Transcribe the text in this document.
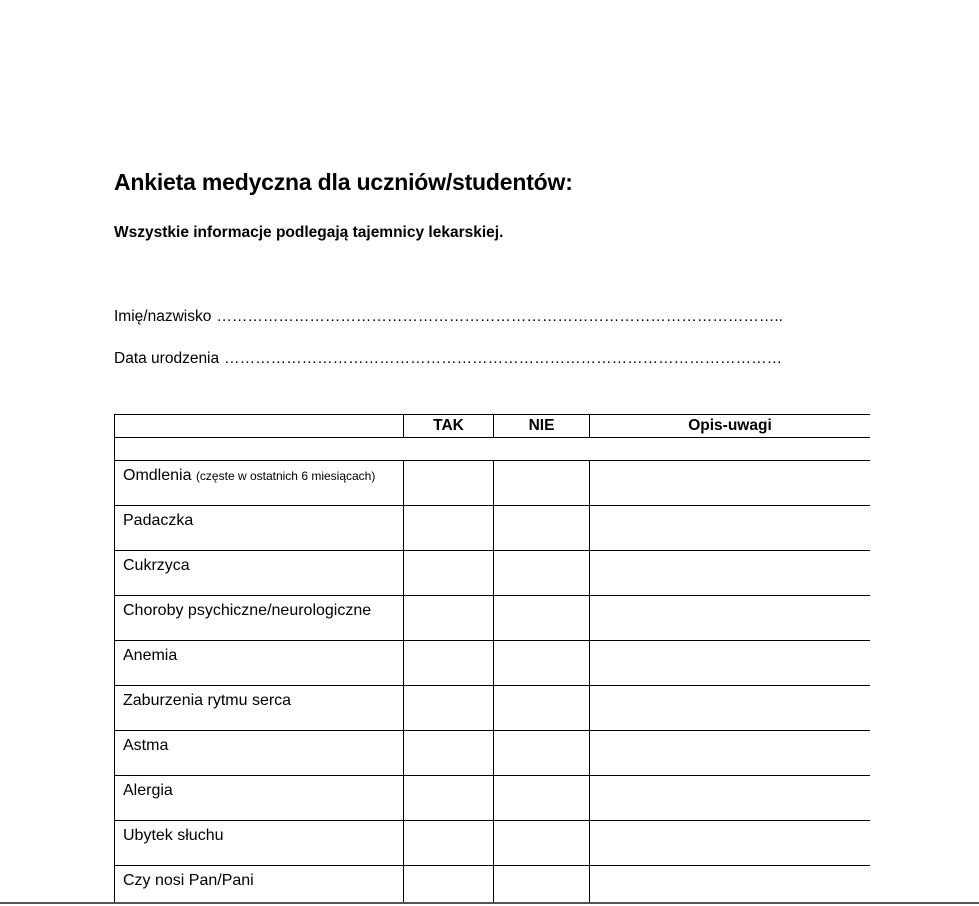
Ankieta medyczna dla uczniów/studentów:
Wszystkie informacje podlegają tajemnicy lekarskiej.
Imię/nazwisko ………………………………………………………………………………………………..
Data urodzenia ………………………………………………………………………………………………
	TAK	NIE	Opis-uwagi

Omdlenia (częste w ostatnich 6 miesiącach)			

Padaczka			

Cukrzyca			

Choroby psychiczne/neurologiczne			

Anemia			

Zaburzenia rytmu serca			

Astma			

Alergia			

Ubytek słuchu			

Czy nosi Pan/Pani			
